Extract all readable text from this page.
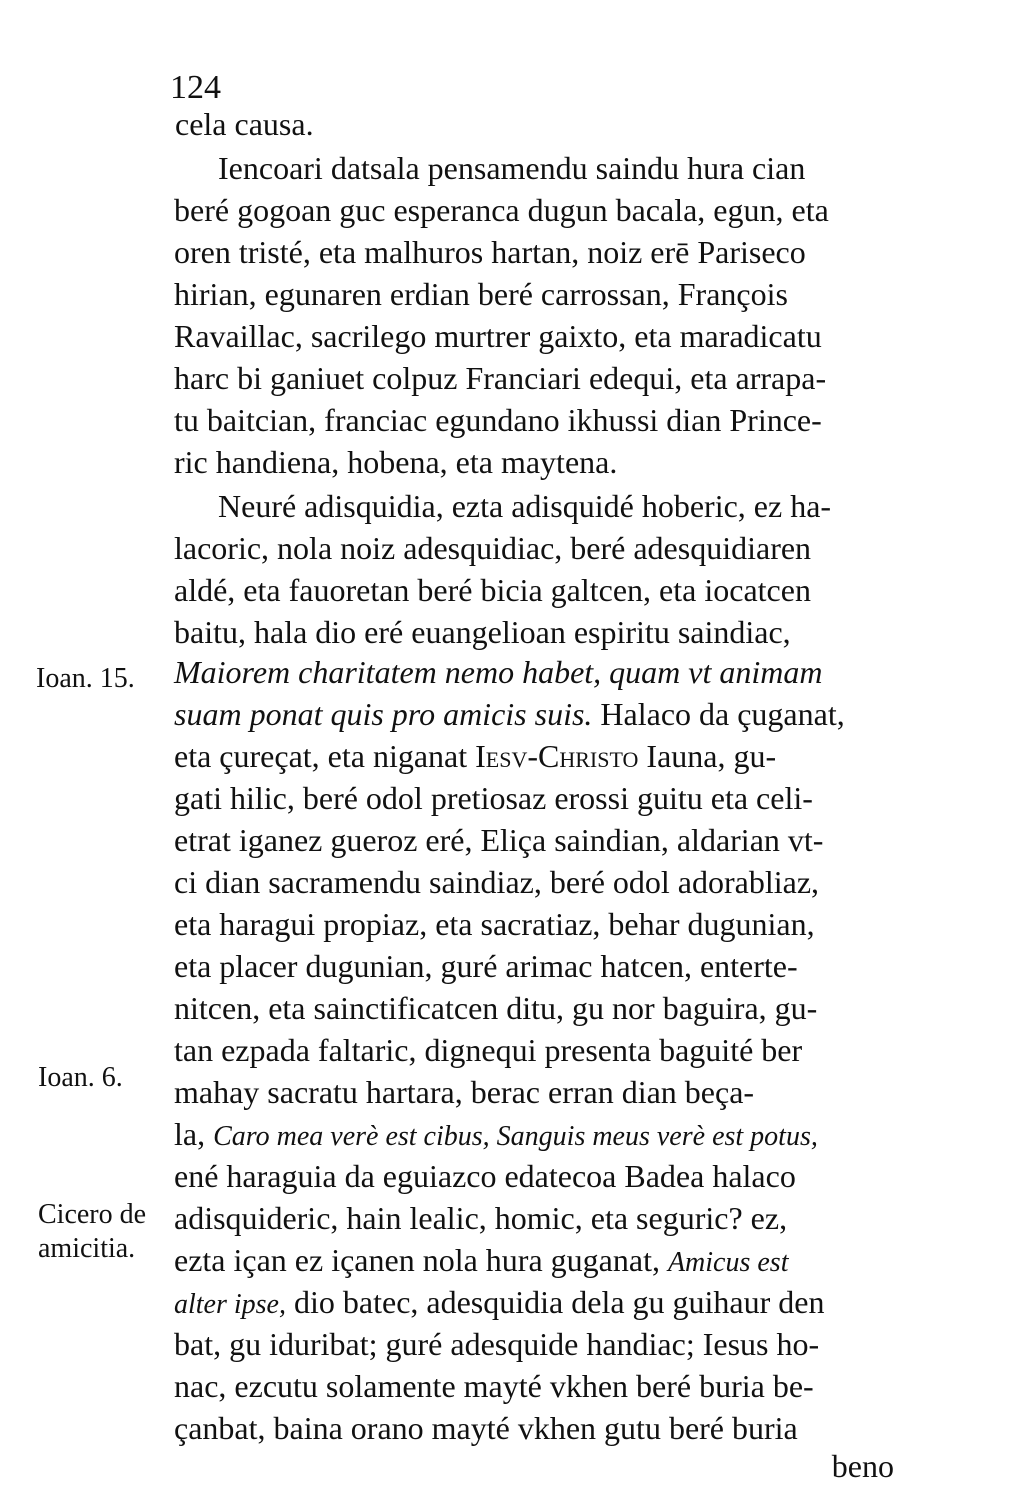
124
cela causa.
Ioan. 15.
Ioan. 6.
Cicero de
amicitia.
Iencoari datsala pensamendu saindu hura cian
beré gogoan guc esperanca dugun bacala, egun, eta
oren tristé, eta malhuros hartan, noiz erē Pariseco
hirian, egunaren erdian beré carrossan, François
Ravaillac, sacrilego murtrer gaixto, eta maradicatu
harc bi ganiuet colpuz Franciari edequi, eta arrapa-
tu baitcian, franciac egundano ikhussi dian Prince-
ric handiena, hobena, eta maytena.
Neuré adisquidia, ezta adisquidé hoberic, ez ha-
lacoric, nola noiz adesquidiac, beré adesquidiaren
aldé, eta fauoretan beré bicia galtcen, eta iocatcen
baitu, hala dio eré euangelioan espiritu saindiac,
Maiorem charitatem nemo habet, quam vt animam
suam ponat quis pro amicis suis. Halaco da çuganat,
eta çureçat, eta niganat Iesv-Christo Iauna, gu-
gati hilic, beré odol pretiosaz erossi guitu eta celi-
etrat iganez gueroz eré, Eliça saindian, aldarian vt-
ci dian sacramendu saindiaz, beré odol adorabliaz,
eta haragui propiaz, eta sacratiaz, behar dugunian,
eta placer dugunian, guré arimac hatcen, enterte-
nitcen, eta sainctificatcen ditu, gu nor baguira, gu-
tan ezpada faltaric, dignequi presenta baguité ber
mahay sacratu hartara, berac erran dian beça-
la, Caro mea verè est cibus, Sanguis meus verè est potus,
ené haraguia da eguiazco edatecoa Badea halaco
adisquideric, hain lealic, homic, eta seguric? ez,
ezta içan ez içanen nola hura guganat, Amicus est
alter ipse, dio batec, adesquidia dela gu guihaur den
bat, gu iduribat; guré adesquide handiac; Iesus ho-
nac, ezcutu solamente mayté vkhen beré buria be-
çanbat, baina orano mayté vkhen gutu beré buria
beno
